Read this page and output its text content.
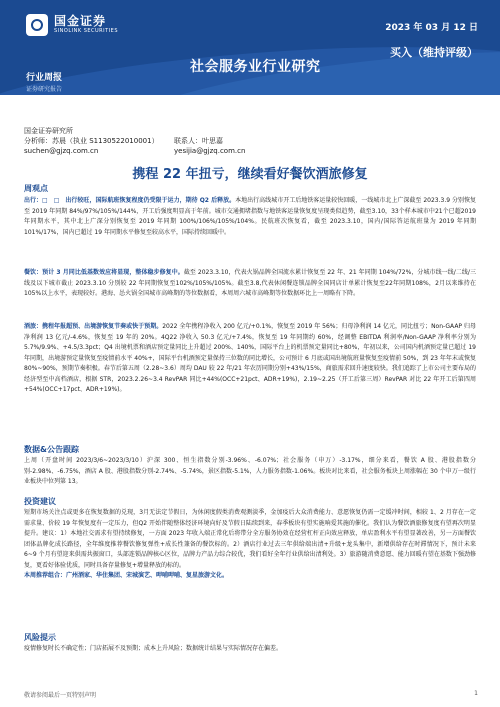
国金证券
SINOLINK SECURITIES	2023 年 03 月 12 日
买入（维持评级）
社会服务业行业研究
行业周报
证券研究报告
国金证券研究所
分析师：苏晨（执业 S1130522010001） 联系人：叶思嘉
suchen@gjzq.com.cn	yesijia@gjzq.com.cn
携程 22 年扭亏，继续看好餐饮酒旅修复
周观点
出行：□　□　出行较旺，国际航班恢复程度仍受限于运力，期待 Q2 后释放。本地出行高线城市开工后地铁客运量较快回暖，一线城市北上广深截至 2023.3.9 分别恢复至 2019 年同期 84%/97%/105%/144%，开工后强度明显高于年前。城市交通拥堵指数与地铁客运量恢复度呈现类似趋势，截至3.10，33个样本城市中21个已超2019年同期水平，其中北上广深分别恢复至 2019 年同期 100%/106%/105%/104%。民航班次恢复看，截至 2023.3.10，国内/国际答运航班量为 2019 年同期 101%/17%，国内已超过 19 年同期水平修复至较高水平，国际持续回暖中。
餐饮：预计 3 月同比低基数效应将显现，整体稳步修复中。截至 2023.3.10，代表火锅品牌全国流水累计恢复至 22 年、21 年同期 104%/72%，分城市线一线/二线/三线及以下城市截止 2023.3.10 分别较 22 年同期恢复至102%/105%/105%。截至3.8,代表休闲餐连锁品牌全国同店计单累计恢复至22年同期108%，2月以来维持在105%以上水平，表现较好。港海、怂火锅全国城市高峰期的等位数据看，本周周六城市高峰期等位数据环比上一周略有下降。
酒旅：携程年报超预、出境游恢复节奏或快于预期。2022 全年携程净收入 200 亿元/+0.1%，恢复至 2019 年 56%；归母净利润 14 亿元，同比扭亏；Non-GAAP 归母净利润 13 亿元/-4.6%，恢复至 19 年的 20%。4Q22 净收入 50.3 亿元/+7.4%，恢复至 19 年同期约 60%，经调整 EBITDA 利润率/Non-GAAP 净利率分别为 5.7%/9.9%、+4.5/3.3pct；Q4 出境机票和酒店预定量同比上升超过 200%、140%，国际平台上的机票预定量同比+80%，年初以来，公司国内机酒预定量已超过 19 年同期，出境游预定量恢复至疫情前水平 40%+，国际平台机酒预定量保持三位数的同比增长，公司预计 6 月底或国出境航班量恢复至疫情前 50%，到 23 年年末或恢复 80%~90%，预期节奏积极。春节后第五周（2.28~3.6）周均 DAU 较 22 年/21 年农历同期分别+43%/15%，商旅需求回升速度较快。我们追踪了上市公司主要布局的经济型至中高档酒店，根据 STR，2023.2.26~3.4 RevPAR 同比+44%(OCC+21pct、ADR+19%)，2.19~2.25（开工后第三周）RevPAR 对比 22 年开工后第四周+54%(OCC+17pct、ADR+19%)。
数据&公告跟踪
上周（开盘时间 2023/3/6~2023/3/10）沪深 300、恒生指数分别-3.96%、-6.07%；社会服务（申万）-3.17%，细分来看，餐饮 A 股、港股指数分别-2.98%、-6.75%，酒店 A 股、港股指数分别-2.74%、-5.74%，景区指数-5.1%，人力服务指数-1.06%。板块对比来看，社会服务板块上周涨幅在 30 个申万一级行业板块中位列第 13。
投资建议
短期市场关注点或更多在恢复数据的兑现，3月无法定节假日，为休闲度假类消费观测淡季，金加疫后大众消费能力、意愿恢复仍需一定缓冲时间，相较 1、2 月存在一定需求量、价较 19 年恢复度有一定压力，但Q2 开始伴随整体经济环境向好及节假日陆续到来，春季板块有望实施响爱其施的催化。我们认为餐饮酒旅修复度有望再次明显提升。建议：1）本地社交需求有望持续修复，一方面 2023 年收入端正常化后将带分全方服务协效在经营杠杆正向效应释放，单店盈利水平有望显著改善，另一方面餐饮团体品牌化成长路径，全年维度推荐餐饮修复弹性+成长性兼备的餐饮标的。2）酒店行业过去三年供给端出清+升级+龙头集中，新增供给存在时滞情况下，预计未来 6~9 个月有望迎来供需共振窗口，头部连锁品牌核心区位，品牌力产品力综合较优，我们看好全年行业供给出清利处。3）旅游随消费意愿、能力回暖有望在基数下强劲修复，更看好体验优质，同时具备存量修复+增量释放的标的。
本周推荐组合：广州酒家、华住集团、宋城演艺、呷哺呷哺、复星旅游文化。
风险提示
疫情修复时长不确定性；门店拓展不及预期；成本上升风险；数据统计结果与实际情况存在偏差。
敬请参阅最后一页特别声明	1
